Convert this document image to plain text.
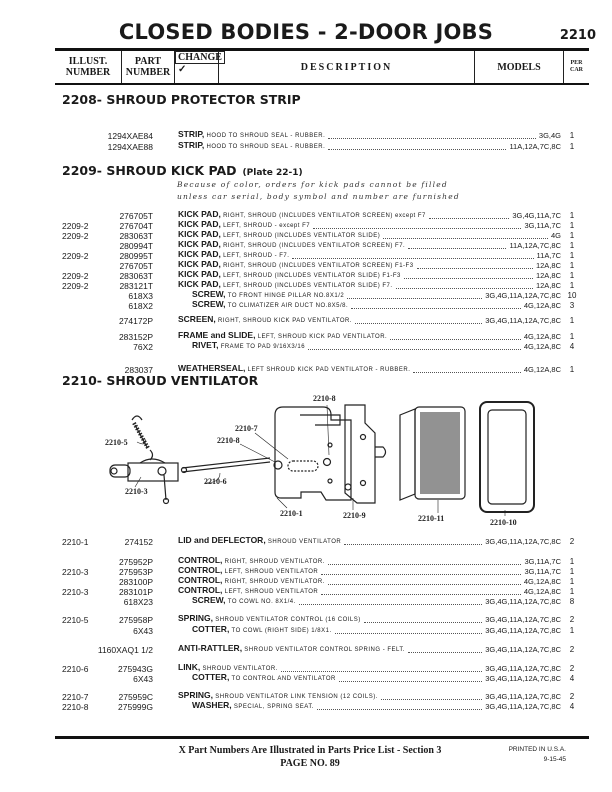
CLOSED BODIES - 2-DOOR JOBS	2210
ILLUST. NUMBER
PART NUMBER
CHANGE
✓	DESCRIPTION	MODELS	PER CAR
2208- SHROUD PROTECTOR STRIP
2209- SHROUD KICK PAD (Plate 22-1)
Because of color, orders for kick pads cannot be filled
unless car serial, body symbol and number are furnished
2210- SHROUD VENTILATOR
1294XAE84	STRIP, HOOD TO SHROUD SEAL - RUBBER.	3G,4G	1
1294XAE88	STRIP, HOOD TO SHROUD SEAL - RUBBER.	11A,12A,7C,8C	1
276705T	KICK PAD, RIGHT, SHROUD (INCLUDES VENTILATOR SCREEN) except F7	3G,4G,11A,7C	1
2209-2	276704T	KICK PAD, LEFT, SHROUD - except F7	3G,11A,7C	1
2209-2	283063T	KICK PAD, LEFT, SHROUD (INCLUDES VENTILATOR SLIDE)	4G	1
280994T	KICK PAD, RIGHT, SHROUD (INCLUDES VENTILATOR SCREEN) F7.	11A,12A,7C,8C	1
2209-2	280995T	KICK PAD, LEFT, SHROUD - F7.	11A,7C	1
276705T	KICK PAD, RIGHT, SHROUD (INCLUDES VENTILATOR SCREEN) F1-F3	12A,8C	1
2209-2	283063T	KICK PAD, LEFT, SHROUD (INCLUDES VENTILATOR SLIDE) F1-F3	12A,8C	1
2209-2	283121T	KICK PAD, LEFT, SHROUD (INCLUDES VENTILATOR SLIDE) F7.	12A,8C	1
618X3	SCREW, TO FRONT HINGE PILLAR NO.8X1/2	3G,4G,11A,12A,7C,8C 10
618X2	SCREW, TO CLIMATIZER AIR DUCT NO.8X5/8.	4G,12A,8C	3
274172P	SCREEN, RIGHT, SHROUD KICK PAD VENTILATOR.	3G,4G,11A,12A,7C,8C	1
283152P	FRAME and SLIDE, LEFT, SHROUD KICK PAD VENTILATOR.	4G,12A,8C	1
76X2	RIVET, FRAME TO PAD 9/16X3/16	4G,12A,8C	4
283037	WEATHERSEAL, LEFT SHROUD KICK PAD VENTILATOR - RUBBER.	4G,12A,8C	1
2210-1	274152	LID and DEFLECTOR, SHROUD VENTILATOR	3G,4G,11A,12A,7C,8C	2
275952P	CONTROL, RIGHT, SHROUD VENTILATOR.	3G,11A,7C	1
2210-3	275953P	CONTROL, LEFT, SHROUD VENTILATOR	3G,11A,7C	1
283100P	CONTROL, RIGHT, SHROUD VENTILATOR.	4G,12A,8C	1
2210-3	283101P	CONTROL, LEFT, SHROUD VENTILATOR	4G,12A,8C	1
618X23	SCREW, TO COWL NO. 8X1/4.	3G,4G,11A,12A,7C,8C	8
2210-5	275958P	SPRING, SHROUD VENTILATOR CONTROL (16 COILS)	3G,4G,11A,12A,7C,8C	2
6X43	COTTER, TO COWL (RIGHT SIDE) 1/8X1.	3G,4G,11A,12A,7C,8C	1
1160XAQ1 1/2	ANTI-RATTLER, SHROUD VENTILATOR CONTROL SPRING - FELT.	3G,4G,11A,12A,7C,8C	2
2210-6	275943G	LINK, SHROUD VENTILATOR.	3G,4G,11A,12A,7C,8C	2
6X43	COTTER, TO CONTROL AND VENTILATOR	3G,4G,11A,12A,7C,8C	4
2210-7	275959C	SPRING, SHROUD VENTILATOR LINK TENSION (12 COILS).	3G,4G,11A,12A,7C,8C	2
2210-8	275999G	WASHER, SPECIAL, SPRING SEAT.	3G,4G,11A,12A,7C,8C	4
2210-8
2210-7
2210-8
2210-5
2210-3
2210-6
2210-1	2210-9	2210-11	2210-10
X Part Numbers Are Illustrated in Parts Price List - Section 3
PAGE NO. 89
PRINTED IN U.S.A.
9-15-45
